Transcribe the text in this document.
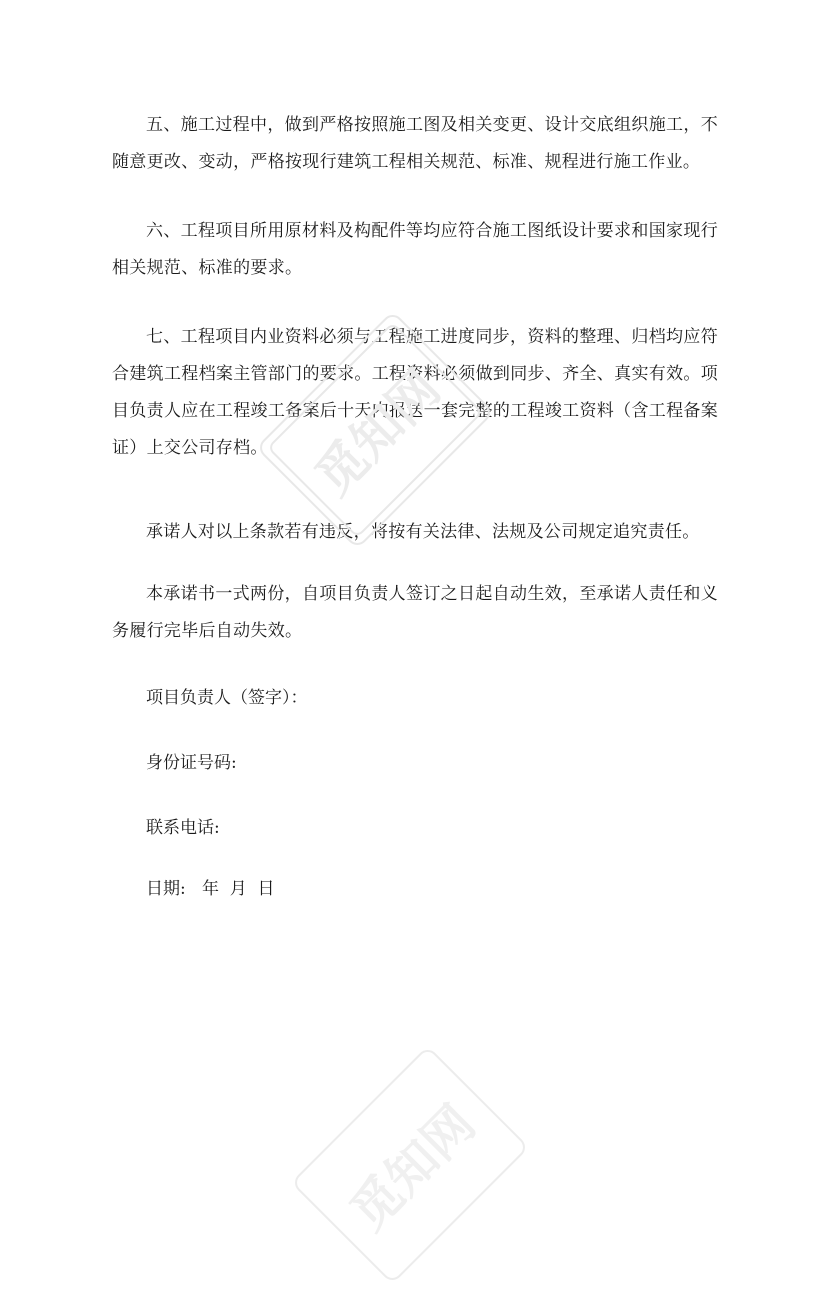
五、施工过程中，做到严格按照施工图及相关变更、设计交底组织施工，不随意更改、变动，严格按现行建筑工程相关规范、标准、规程进行施工作业。

六、工程项目所用原材料及构配件等均应符合施工图纸设计要求和国家现行相关规范、标准的要求。

七、工程项目内业资料必须与工程施工进度同步，资料的整理、归档均应符合建筑工程档案主管部门的要求。工程资料必须做到同步、齐全、真实有效。项目负责人应在工程竣工备案后十天内报送一套完整的工程竣工资料（含工程备案证）上交公司存档。

承诺人对以上条款若有违反，将按有关法律、法规及公司规定追究责任。

本承诺书一式两份，自项目负责人签订之日起自动生效，至承诺人责任和义务履行完毕后自动失效。

项目负责人（签字）：

身份证号码:

联系电话:

日期:   年  月  日

觅知网
觅知网
